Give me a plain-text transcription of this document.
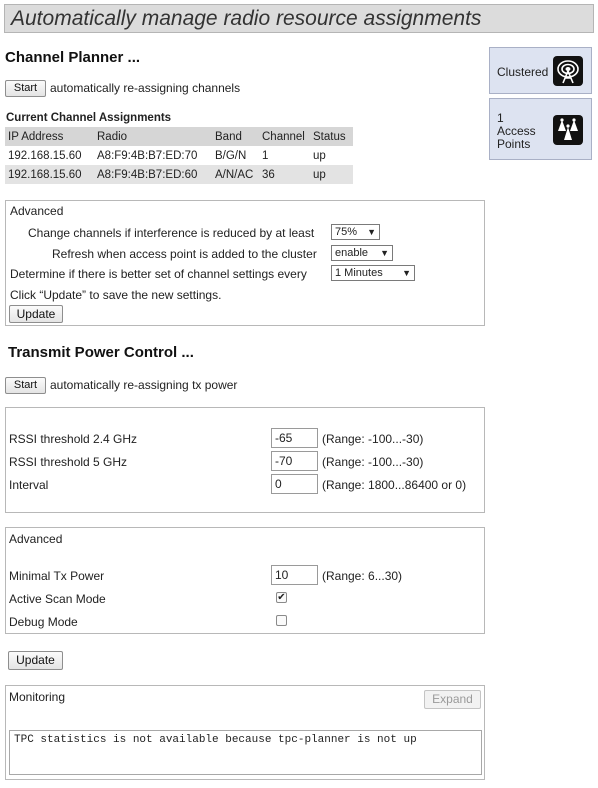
Automatically manage radio resource assignments
Channel Planner ...
Start	automatically re-assigning channels
Current Channel Assignments
IP Address	Radio	Band	Channel	Status
192.168.15.60	A8:F9:4B:B7:ED:70	B/G/N	1	up
192.168.15.60	A8:F9:4B:B7:ED:60	A/N/AC	36	up
Advanced
Change channels if interference is reduced by at least	75% ▼
Refresh when access point is added to the cluster	enable ▼
Determine if there is better set of channel settings every	1 Minutes ▼
Click “Update” to save the new settings.
Update
Transmit Power Control ...
Start	automatically re-assigning tx power
RSSI threshold 2.4 GHz	-65	(Range: -100...-30)
RSSI threshold 5 GHz	-70	(Range: -100...-30)
Interval	0	(Range: 1800...86400 or 0)
Advanced
Minimal Tx Power	10	(Range: 6...30)
Active Scan Mode	✔
Debug Mode
Update
Monitoring	Expand
TPC statistics is not available because tpc-planner is not up
Clustered
1
Access
Points
